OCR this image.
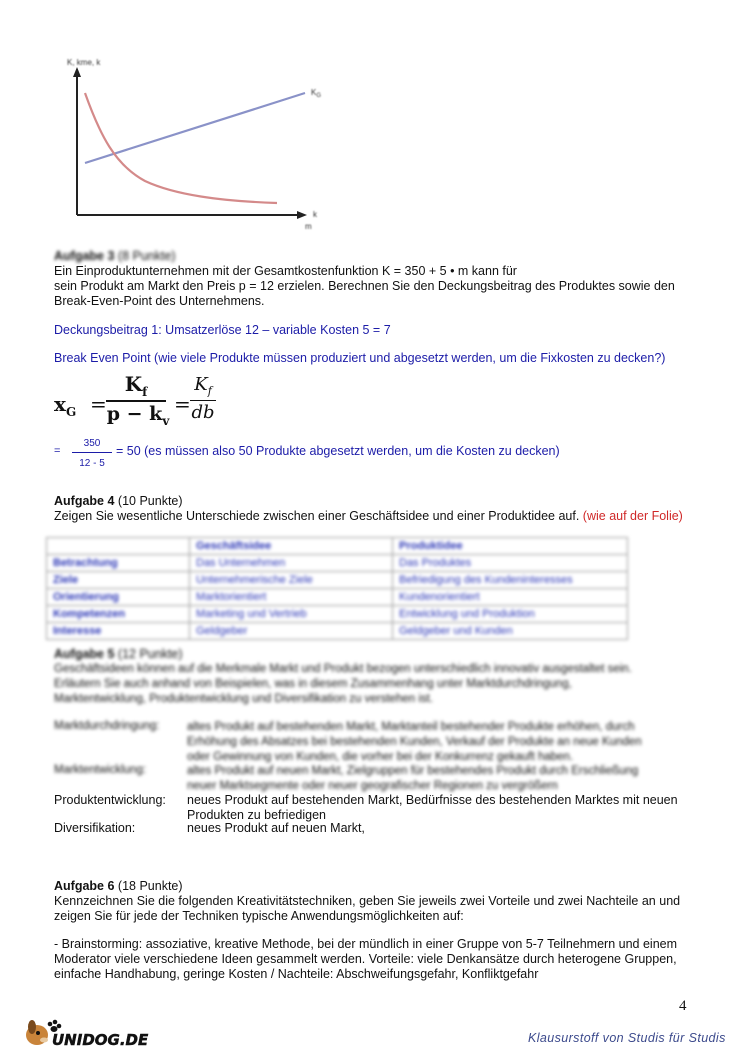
K, kme, k
$K_G$
k
m
Aufgabe 3 (8 Punkte)
Ein Einproduktunternehmen mit der Gesamtkostenfunktion K = 350 + 5 • m kann für
sein Produkt am Markt den Preis p = 12 erzielen. Berechnen Sie den Deckungsbeitrag des Produktes sowie den
Break-Even-Point des Unternehmens.
Deckungsbeitrag 1: Umsatzerlöse 12 – variable Kosten 5 = 7
Break Even Point (wie viele Produkte müssen produziert und abgesetzt werden, um die Fixkosten zu decken?)
$x_G$ =
$K_f$
$p - k_v$
=
$K_f$
db
=
350
12 - 5
= 50 (es müssen also 50 Produkte abgesetzt werden, um die Kosten zu decken)
Aufgabe 4 (10 Punkte)
Zeigen Sie wesentliche Unterschiede zwischen einer Geschäftsidee und einer Produktidee auf. (wie auf der Folie)
	Geschäftsidee	Produktidee
Betrachtung	Das Unternehmen	Das Produktes
Ziele	Unternehmerische Ziele	Befriedigung des Kundeninteresses
Orientierung	Marktorientiert	Kundenorientiert
Kompetenzen	Marketing und Vertrieb	Entwicklung und Produktion
Interesse	Geldgeber	Geldgeber und Kunden
Aufgabe 5 (12 Punkte)
Geschäftsideen können auf die Merkmale Markt und Produkt bezogen unterschiedlich innovativ ausgestaltet sein.
Erläutern Sie auch anhand von Beispielen, was in diesem Zusammenhang unter Marktdurchdringung,
Marktentwicklung, Produktentwicklung und Diversifikation zu verstehen ist.
Marktdurchdringung: altes Produkt auf bestehenden Markt, Marktanteil bestehender Produkte erhöhen, durch
Erhöhung des Absatzes bei bestehenden Kunden, Verkauf der Produkte an neue Kunden
oder Gewinnung von Kunden, die vorher bei der Konkurrenz gekauft haben.
Marktentwicklung:	altes Produkt auf neuen Markt, Zielgruppen für bestehendes Produkt durch Erschließung
neuer Marktsegmente oder neuer geografischer Regionen zu vergrößern
Produktentwicklung: neues Produkt auf bestehenden Markt, Bedürfnisse des bestehenden Marktes mit neuen
Produkten zu befriedigen
Diversifikation:	neues Produkt auf neuen Markt,
Aufgabe 6 (18 Punkte)
Kennzeichnen Sie die folgenden Kreativitätstechniken, geben Sie jeweils zwei Vorteile und zwei Nachteile an und
zeigen Sie für jede der Techniken typische Anwendungsmöglichkeiten auf:
- Brainstorming: assoziative, kreative Methode, bei der mündlich in einer Gruppe von 5-7 Teilnehmern und einem
Moderator viele verschiedene Ideen gesammelt werden. Vorteile: viele Denkansätze durch heterogene Gruppen,
einfache Handhabung, geringe Kosten / Nachteile: Abschweifungsgefahr, Konfliktgefahr
4
UNIDOG.DE	Klausurstoff von Studis für Studis
